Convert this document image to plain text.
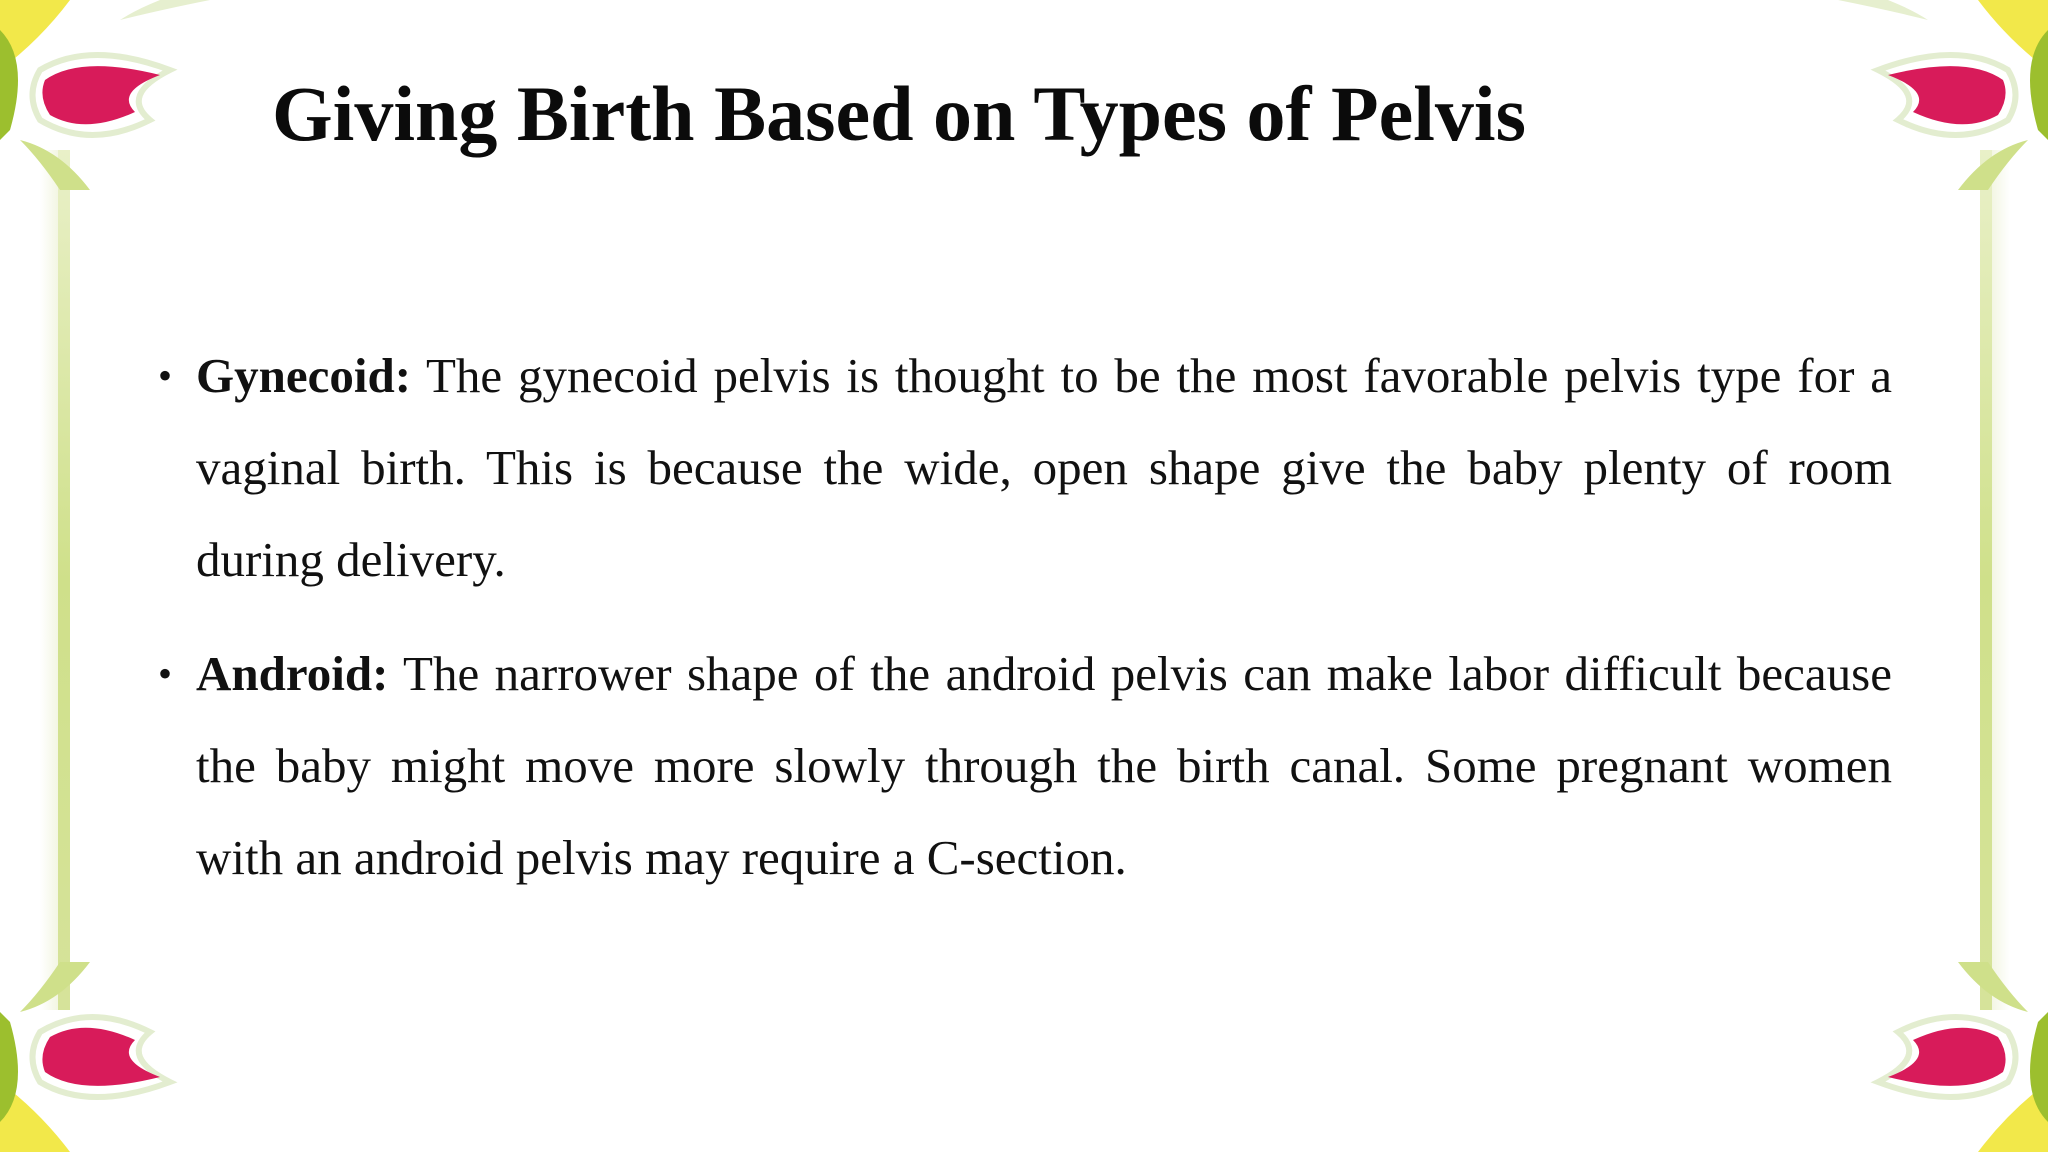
Giving Birth Based on Types of Pelvis
• Gynecoid: The gynecoid pelvis is thought to be the most favorable pelvis type for a vaginal birth. This is because the wide, open shape give the baby plenty of room during delivery.
• Android: The narrower shape of the android pelvis can make labor difficult because the baby might move more slowly through the birth canal. Some pregnant women with an android pelvis may require a C-section.
